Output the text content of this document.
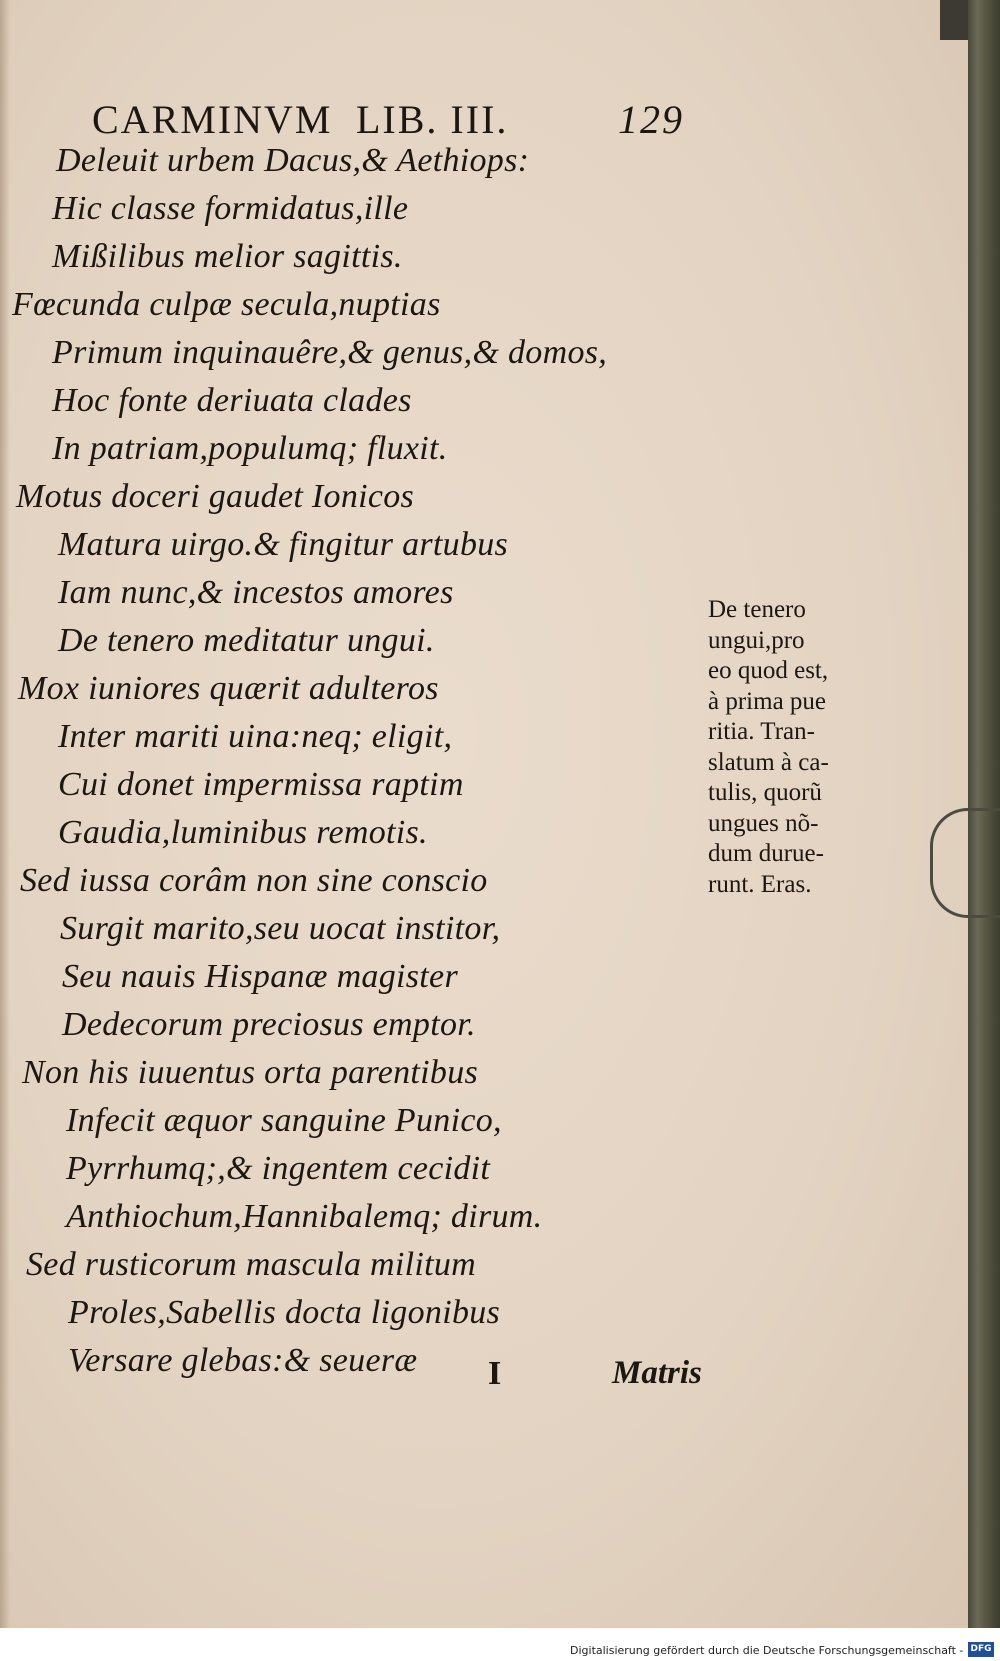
CARMINVM LIB. III.	129
Deleuit urbem Dacus,& Aethiops:
Hic classe formidatus,ille
Mißilibus melior sagittis.
Fœcunda culpæ secula,nuptias
Primum inquinauêre,& genus,& domos,
Hoc fonte deriuata clades
In patriam,populumq; fluxit.
Motus doceri gaudet Ionicos
Matura uirgo.& fingitur artubus
Iam nunc,& incestos amores
De tenero meditatur ungui.
Mox iuniores quærit adulteros
Inter mariti uina:neq; eligit,
Cui donet impermissa raptim
Gaudia,luminibus remotis.
Sed iussa corâm non sine conscio
Surgit marito,seu uocat institor,
Seu nauis Hispanæ magister
Dedecorum preciosus emptor.
Non his iuuentus orta parentibus
Infecit æquor sanguine Punico,
Pyrrhumq;,& ingentem cecidit
Anthiochum,Hannibalemq; dirum.
Sed rusticorum mascula militum
Proles,Sabellis docta ligonibus
Versare glebas:& seueræ
De tenero
ungui,pro
eo quod est,
à prima pue
ritia. Tran-
slatum à ca-
tulis, quorũ
ungues nõ-
dum durue-
runt. Eras.
I	Matris
Digitalisierung gefördert durch die Deutsche Forschungsgemeinschaft - DFG
